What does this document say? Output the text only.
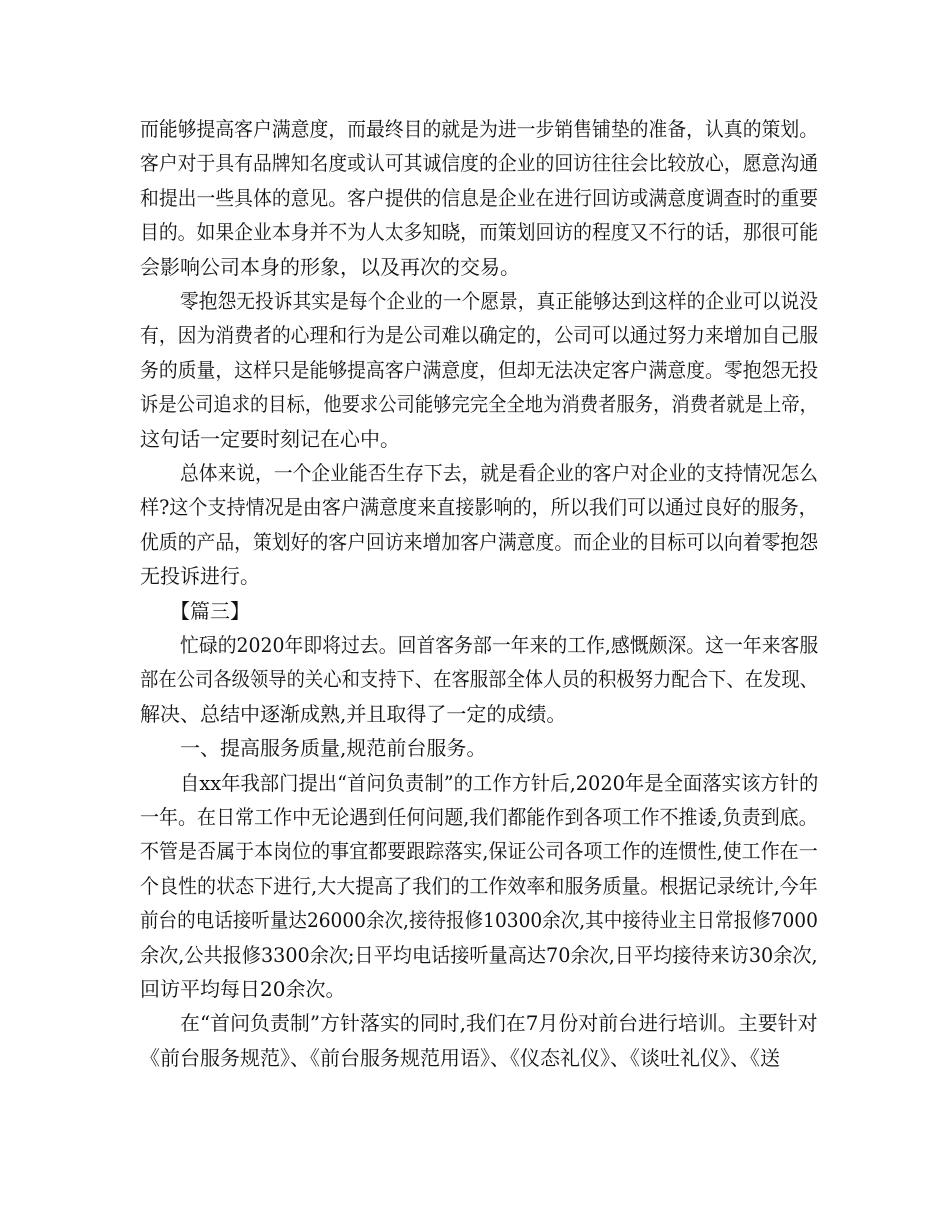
而能够提高客户满意度，而最终目的就是为进一步销售铺垫的准备，认真的策划。
客户对于具有品牌知名度或认可其诚信度的企业的回访往往会比较放心，愿意沟通
和提出一些具体的意见。客户提供的信息是企业在进行回访或满意度调查时的重要
目的。如果企业本身并不为人太多知晓，而策划回访的程度又不行的话，那很可能
会影响公司本身的形象，以及再次的交易。
零抱怨无投诉其实是每个企业的一个愿景，真正能够达到这样的企业可以说没
有，因为消费者的心理和行为是公司难以确定的，公司可以通过努力来增加自己服
务的质量，这样只是能够提高客户满意度，但却无法决定客户满意度。零抱怨无投
诉是公司追求的目标，他要求公司能够完完全全地为消费者服务，消费者就是上帝，
这句话一定要时刻记在心中。
总体来说，一个企业能否生存下去，就是看企业的客户对企业的支持情况怎么
样?这个支持情况是由客户满意度来直接影响的，所以我们可以通过良好的服务，
优质的产品，策划好的客户回访来增加客户满意度。而企业的目标可以向着零抱怨
无投诉进行。
【篇三】
忙碌的2020年即将过去。回首客务部一年来的工作,感慨颇深。这一年来客服
部在公司各级领导的关心和支持下、在客服部全体人员的积极努力配合下、在发现、
解决、总结中逐渐成熟,并且取得了一定的成绩。
一、提高服务质量,规范前台服务。
自xx年我部门提出“首问负责制”的工作方针后,2020年是全面落实该方针的
一年。在日常工作中无论遇到任何问题,我们都能作到各项工作不推诿,负责到底。
不管是否属于本岗位的事宜都要跟踪落实,保证公司各项工作的连惯性,使工作在一
个良性的状态下进行,大大提高了我们的工作效率和服务质量。根据记录统计,今年
前台的电话接听量达26000余次,接待报修10300余次,其中接待业主日常报修7000
余次,公共报修3300余次;日平均电话接听量高达70余次,日平均接待来访30余次,
回访平均每日20余次。
在“首问负责制”方针落实的同时,我们在7月份对前台进行培训。主要针对
《前台服务规范》、《前台服务规范用语》、《仪态礼仪》、《谈吐礼仪》、《送
